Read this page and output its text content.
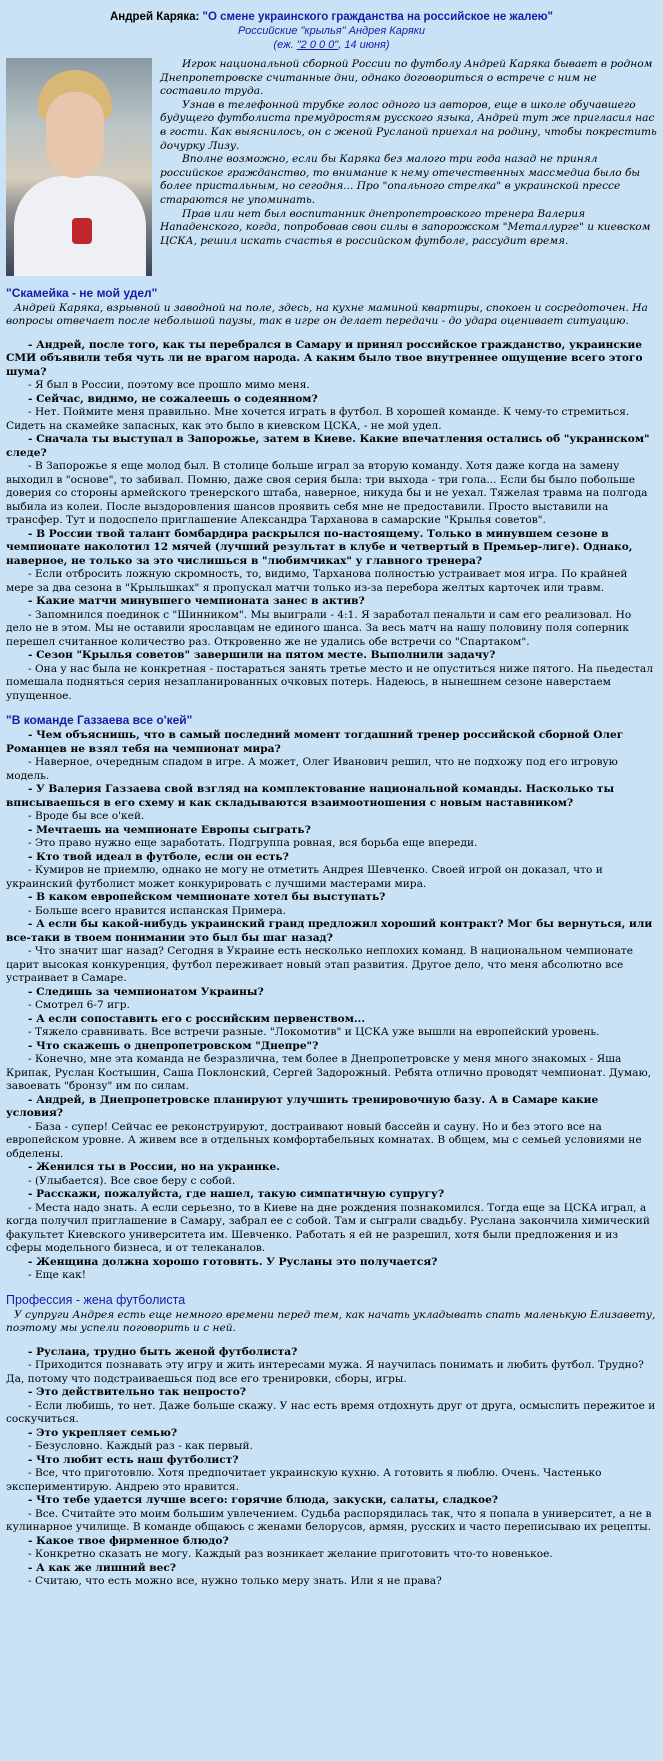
Андрей Каряка: "О смене украинского гражданства на российское не жалею"
Российские "крылья" Андрея Каряки
(еж. "2 0 0 0", 14 июня)

Игрок национальной сборной России по футболу Андрей Каряка бывает в родном Днепропетровске считанные дни, однако договориться о встрече с ним не составило труда.

Узнав в телефонной трубке голос одного из авторов, еще в школе обучавшего будущего футболиста премудростям русского языка, Андрей тут же пригласил нас в гости. Как выяснилось, он с женой Русланой приехал на родину, чтобы покрестить дочурку Лизу.

Вполне возможно, если бы Каряка без малого три года назад не принял российское гражданство, то внимание к нему отечественных массмедиа было бы более пристальным, но сегодня... Про "опального стрелка" в украинской прессе стараются не упоминать.

Прав или нет был воспитанник днепропетровского тренера Валерия Нападенского, когда, попробовав свои силы в запорожском "Металлурге" и киевском ЦСКА, решил искать счастья в российском футболе, рассудит время.

"Скамейка - не мой удел"

Андрей Каряка, взрывной и заводной на поле, здесь, на кухне маминой квартиры, спокоен и сосредоточен. На вопросы отвечает после небольшой паузы, так в игре он делает передачи - до удара оценивает ситуацию.

- Андрей, после того, как ты перебрался в Самару и принял российское гражданство, украинские СМИ объявили тебя чуть ли не врагом народа. А каким было твое внутреннее ощущение всего этого шума?

- Я был в России, поэтому все прошло мимо меня.

- Сейчас, видимо, не сожалеешь о содеянном?

- Нет. Поймите меня правильно. Мне хочется играть в футбол. В хорошей команде. К чему-то стремиться. Сидеть на скамейке запасных, как это было в киевском ЦСКА, - не мой удел.

- Сначала ты выступал в Запорожье, затем в Киеве. Какие впечатления остались об "украинском" следе?

- В Запорожье я еще молод был. В столице больше играл за вторую команду. Хотя даже когда на замену выходил в "основе", то забивал. Помню, даже своя серия была: три выхода - три гола... Если бы было побольше доверия со стороны армейского тренерского штаба, наверное, никуда бы и не уехал. Тяжелая травма на полгода выбила из колеи. После выздоровления шансов проявить себя мне не предоставили. Просто выставили на трансфер. Тут и подоспело приглашение Александра Тарханова в самарские "Крылья советов".

- В России твой талант бомбардира раскрылся по-настоящему. Только в минувшем сезоне в чемпионате наколотил 12 мячей (лучший результат в клубе и четвертый в Премьер-лиге). Однако, наверное, не только за это числишься в "любимчиках" у главного тренера?

- Если отбросить ложную скромность, то, видимо, Тарханова полностью устраивает моя игра. По крайней мере за два сезона в "Крыльшках" я пропускал матчи только из-за перебора желтых карточек или травм.

- Какие матчи минувшего чемпионата занес в актив?

- Запомнился поединок с "Шинником". Мы выиграли - 4:1. Я заработал пенальти и сам его реализовал. Но дело не в этом. Мы не оставили ярославцам не единого шанса. За весь матч на нашу половину поля соперник перешел считанное количество раз. Откровенно же не удались обе встречи со "Спартаком".

- Сезон "Крылья советов" завершили на пятом месте. Выполнили задачу?

- Она у нас была не конкретная - постараться занять третье место и не опуститься ниже пятого. На пьедестал помешала подняться серия незапланированных очковых потерь. Надеюсь, в нынешнем сезоне наверстаем упущенное.

"В команде Газзаева все о'кей"

- Чем объяснишь, что в самый последний момент тогдашний тренер российской сборной Олег Романцев не взял тебя на чемпионат мира?

- Наверное, очередным спадом в игре. А может, Олег Иванович решил, что не подхожу под его игровую модель.

- У Валерия Газзаева свой взгляд на комплектование национальной команды. Насколько ты вписываешься в его схему и как складываются взаимоотношения с новым наставником?

- Вроде бы все о'кей.

- Мечтаешь на чемпионате Европы сыграть?

- Это право нужно еще заработать. Подгруппа ровная, вся борьба еще впереди.

- Кто твой идеал в футболе, если он есть?

- Кумиров не приемлю, однако не могу не отметить Андрея Шевченко. Своей игрой он доказал, что и украинский футболист может конкурировать с лучшими мастерами мира.

- В каком европейском чемпионате хотел бы выступать?

- Больше всего нравится испанская Примера.

- А если бы какой-нибудь украинский гранд предложил хороший контракт? Мог бы вернуться, или все-таки в твоем понимании это был бы шаг назад?

- Что значит шаг назад? Сегодня в Украине есть несколько неплохих команд. В национальном чемпионате царит высокая конкуренция, футбол переживает новый этап развития. Другое дело, что меня абсолютно все устраивает в Самаре.

- Следишь за чемпионатом Украины?

- Смотрел 6-7 игр.

- А если сопоставить его с российским первенством...

- Тяжело сравнивать. Все встречи разные. "Локомотив" и ЦСКА уже вышли на европейский уровень.

- Что скажешь о днепропетровском "Днепре"?

- Конечно, мне эта команда не безразлична, тем более в Днепропетровске у меня много знакомых - Яша Крипак, Руслан Костышин, Саша Поклонский, Сергей Задорожный. Ребята отлично проводят чемпионат. Думаю, завоевать "бронзу" им по силам.

- Андрей, в Днепропетровске планируют улучшить тренировочную базу. А в Самаре какие условия?

- База - супер! Сейчас ее реконструируют, достраивают новый бассейн и сауну. Но и без этого все на европейском уровне. А живем все в отдельных комфортабельных комнатах. В общем, мы с семьей условиями не обделены.

- Женился ты в России, но на украинке.

- (Улыбается). Все свое беру с собой.

- Расскажи, пожалуйста, где нашел, такую симпатичную супругу?

- Места надо знать. А если серьезно, то в Киеве на дне рождения познакомился. Тогда еще за ЦСКА играл, а когда получил приглашение в Самару, забрал ее с собой. Там и сыграли свадьбу. Руслана закончила химический факультет Киевского университета им. Шевченко. Работать я ей не разрешил, хотя были предложения и из сферы модельного бизнеса, и от телеканалов.

- Женщина должна хорошо готовить. У Русланы это получается?

- Еще как!

Профессия - жена футболиста

У супруги Андрея есть еще немного времени перед тем, как начать укладывать спать маленькую Елизавету, поэтому мы успели поговорить и с ней.

- Руслана, трудно быть женой футболиста?

- Приходится познавать эту игру и жить интересами мужа. Я научилась понимать и любить футбол. Трудно? Да, потому что подстраиваешься под все его тренировки, сборы, игры.

- Это действительно так непросто?

- Если любишь, то нет. Даже больше скажу. У нас есть время отдохнуть друг от друга, осмыслить пережитое и соскучиться.

- Это укрепляет семью?

- Безусловно. Каждый раз - как первый.

- Что любит есть наш футболист?

- Все, что приготовлю. Хотя предпочитает украинскую кухню. А готовить я люблю. Очень. Частенько экспериментирую. Андрею это нравится.

- Что тебе удается лучше всего: горячие блюда, закуски, салаты, сладкое?

- Все. Считайте это моим большим увлечением. Судьба распорядилась так, что я попала в университет, а не в кулинарное училище. В команде общаюсь с женами белорусов, армян, русских и часто переписываю их рецепты.

- Какое твое фирменное блюдо?

- Конкретно сказать не могу. Каждый раз возникает желание приготовить что-то новенькое.

- А как же лишний вес?

- Считаю, что есть можно все, нужно только меру знать. Или я не права?
